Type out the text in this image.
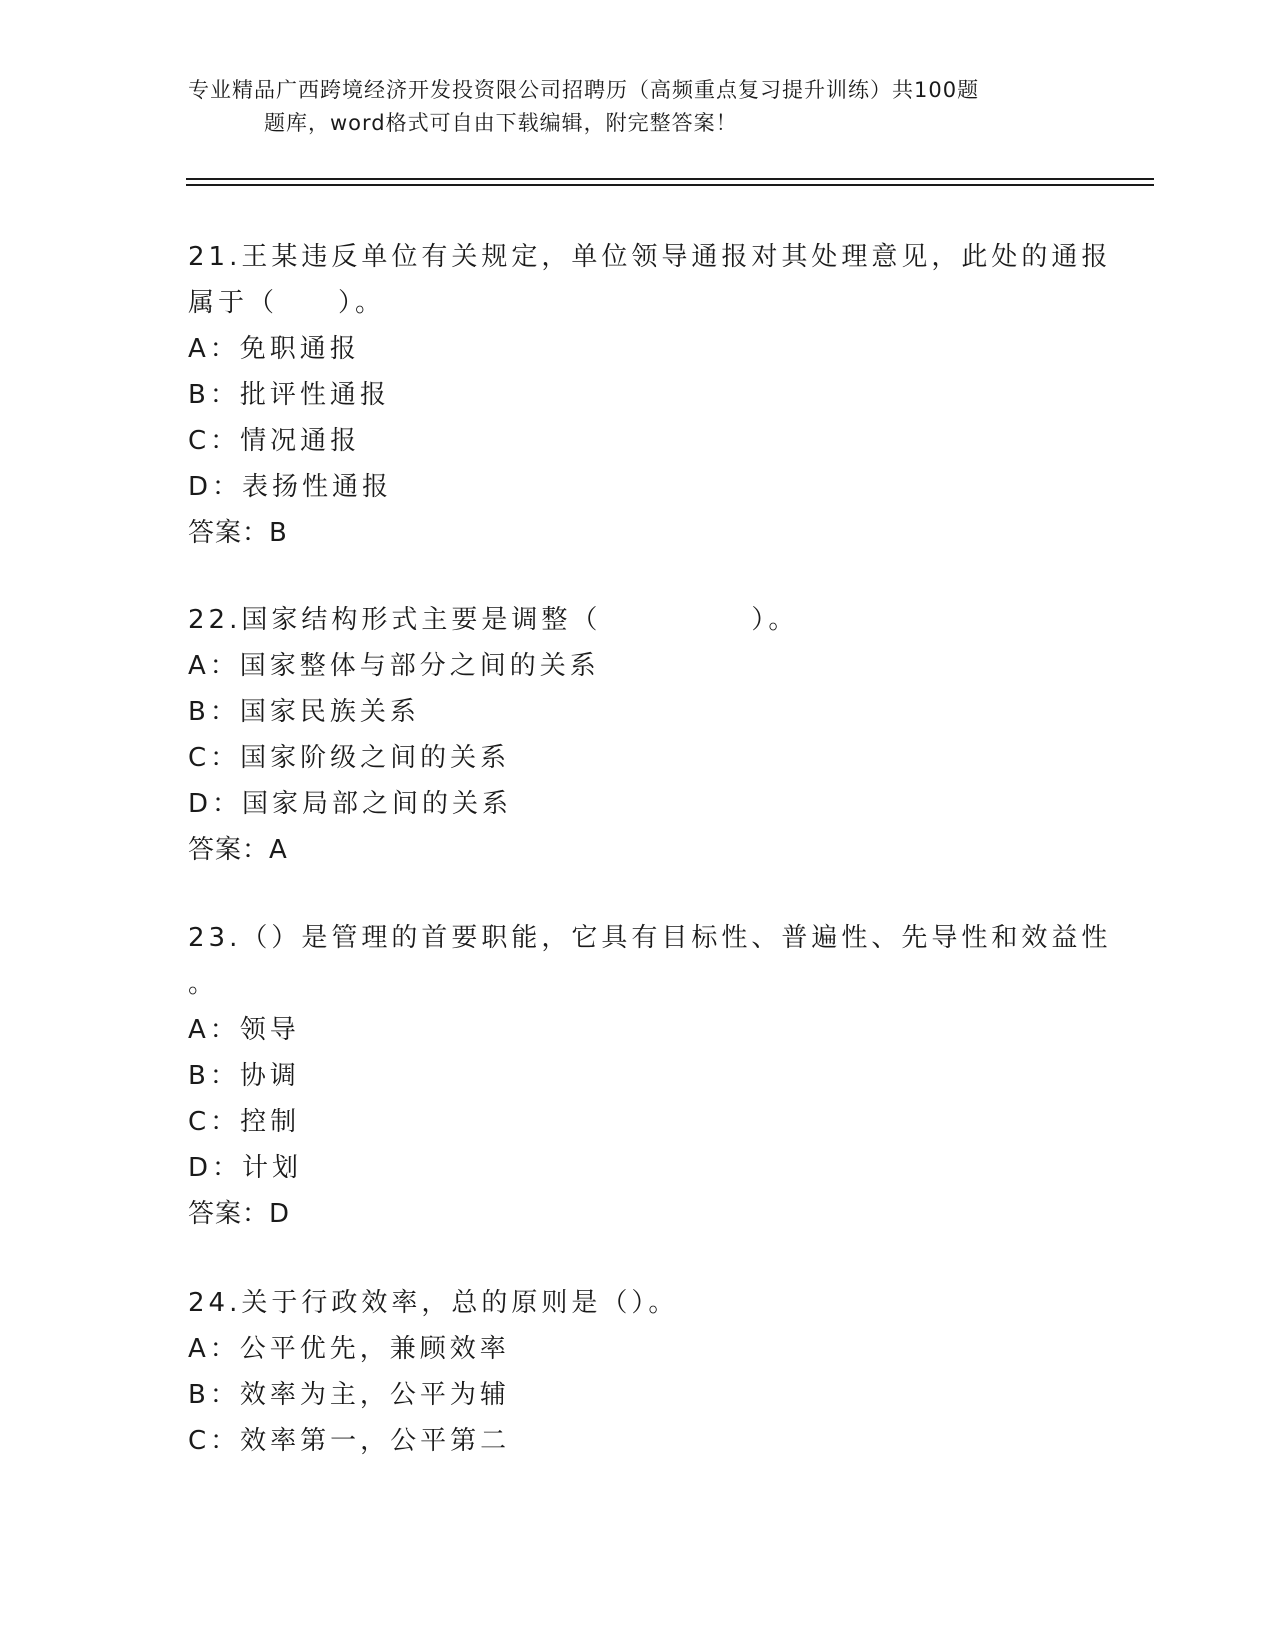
专业精品广西跨境经济开发投资限公司招聘历（高频重点复习提升训练）共100题
题库，word格式可自由下载编辑，附完整答案！
21.王某违反单位有关规定，单位领导通报对其处理意见，此处的通报
属于（　　）。
A：免职通报
B：批评性通报
C：情况通报
D：表扬性通报
答案：B
22.国家结构形式主要是调整（　　　　　）。
A：国家整体与部分之间的关系
B：国家民族关系
C：国家阶级之间的关系
D：国家局部之间的关系
答案：A
23.（）是管理的首要职能，它具有目标性、普遍性、先导性和效益性
。
A：领导
B：协调
C：控制
D：计划
答案：D
24.关于行政效率，总的原则是（）。
A：公平优先，兼顾效率
B：效率为主，公平为辅
C：效率第一，公平第二
